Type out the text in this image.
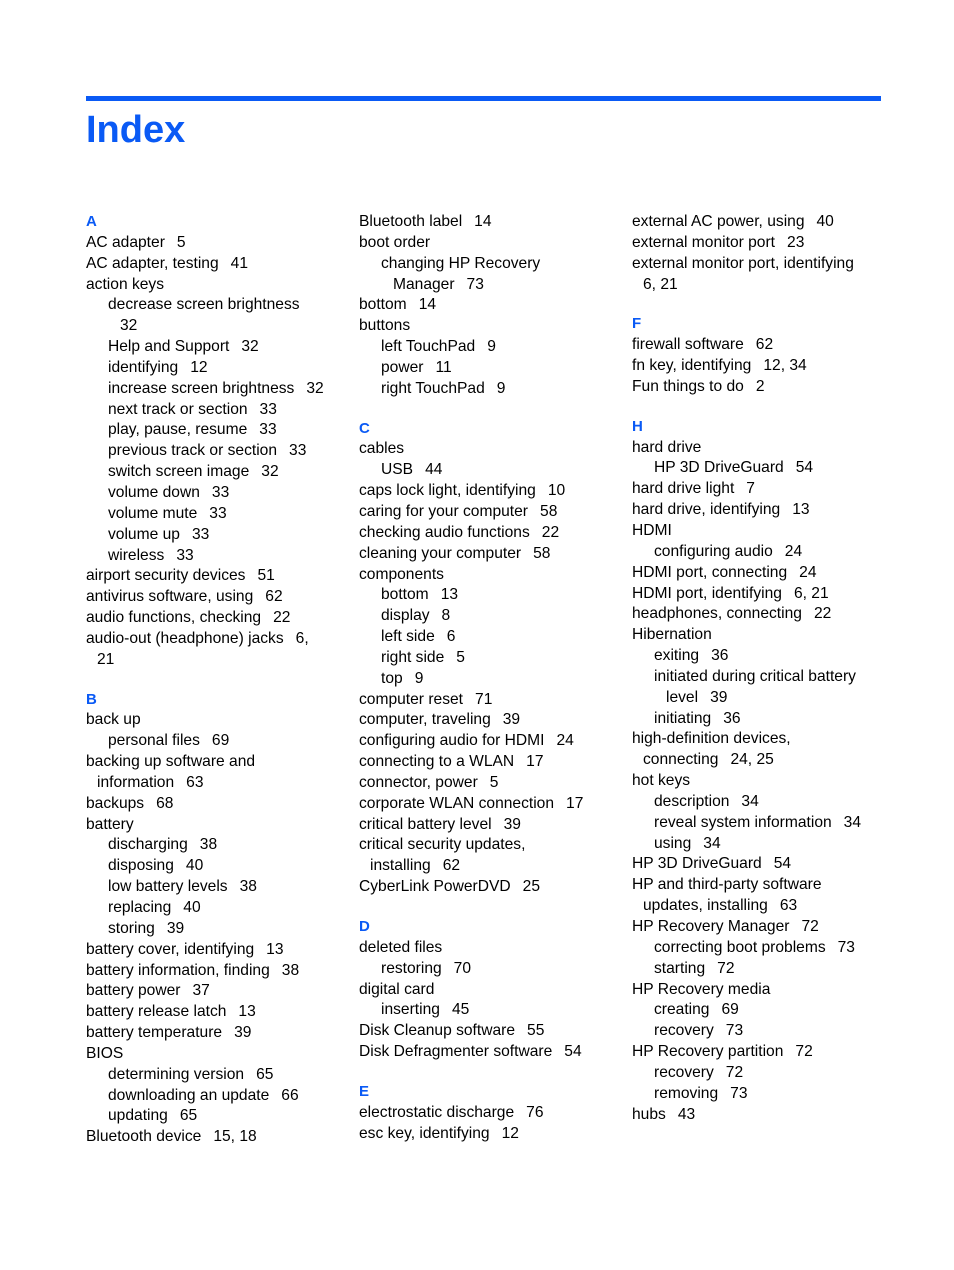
Index
A
AC adapter 5
AC adapter, testing 41
action keys
decrease screen brightness
32
Help and Support 32
identifying 12
increase screen brightness 32
next track or section 33
play, pause, resume 33
previous track or section 33
switch screen image 32
volume down 33
volume mute 33
volume up 33
wireless 33
airport security devices 51
antivirus software, using 62
audio functions, checking 22
audio-out (headphone) jacks 6,
21
B
back up
personal files 69
backing up software and
information 63
backups 68
battery
discharging 38
disposing 40
low battery levels 38
replacing 40
storing 39
battery cover, identifying 13
battery information, finding 38
battery power 37
battery release latch 13
battery temperature 39
BIOS
determining version 65
downloading an update 66
updating 65
Bluetooth device 15, 18
Bluetooth label 14
boot order
changing HP Recovery
Manager 73
bottom 14
buttons
left TouchPad 9
power 11
right TouchPad 9
C
cables
USB 44
caps lock light, identifying 10
caring for your computer 58
checking audio functions 22
cleaning your computer 58
components
bottom 13
display 8
left side 6
right side 5
top 9
computer reset 71
computer, traveling 39
configuring audio for HDMI 24
connecting to a WLAN 17
connector, power 5
corporate WLAN connection 17
critical battery level 39
critical security updates,
installing 62
CyberLink PowerDVD 25
D
deleted files
restoring 70
digital card
inserting 45
Disk Cleanup software 55
Disk Defragmenter software 54
E
electrostatic discharge 76
esc key, identifying 12
external AC power, using 40
external monitor port 23
external monitor port, identifying
6, 21
F
firewall software 62
fn key, identifying 12, 34
Fun things to do 2
H
hard drive
HP 3D DriveGuard 54
hard drive light 7
hard drive, identifying 13
HDMI
configuring audio 24
HDMI port, connecting 24
HDMI port, identifying 6, 21
headphones, connecting 22
Hibernation
exiting 36
initiated during critical battery
level 39
initiating 36
high-definition devices,
connecting 24, 25
hot keys
description 34
reveal system information 34
using 34
HP 3D DriveGuard 54
HP and third-party software
updates, installing 63
HP Recovery Manager 72
correcting boot problems 73
starting 72
HP Recovery media
creating 69
recovery 73
HP Recovery partition 72
recovery 72
removing 73
hubs 43
